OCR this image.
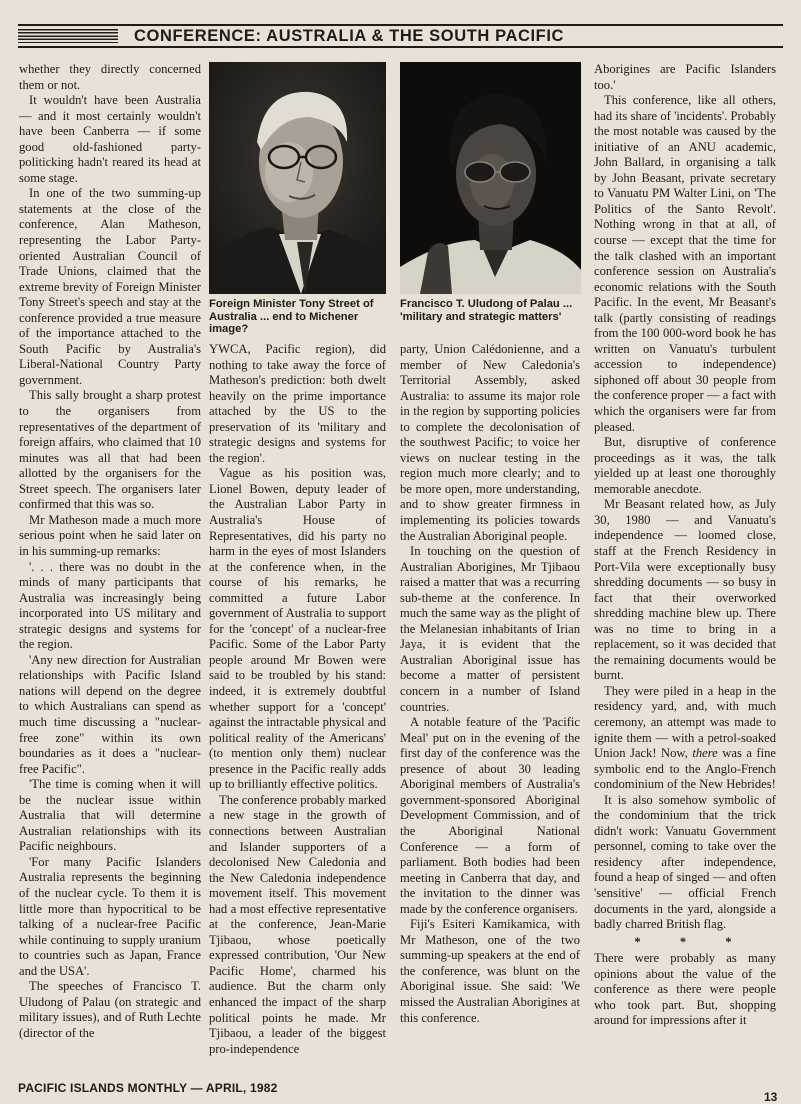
CONFERENCE: AUSTRALIA & THE SOUTH PACIFIC

whether they directly concerned them or not.

It wouldn't have been Australia — and it most certainly wouldn't have been Canberra — if some good old-fashioned party-politicking hadn't reared its head at some stage.

In one of the two summing-up statements at the close of the conference, Alan Matheson, representing the Labor Party-oriented Australian Council of Trade Unions, claimed that the extreme brevity of Foreign Minister Tony Street's speech and stay at the conference provided a true measure of the importance attached to the South Pacific by Australia's Liberal-National Country Party government.

This sally brought a sharp protest to the organisers from representatives of the department of foreign affairs, who claimed that 10 minutes was all that had been allotted by the organisers for the Street speech. The organisers later confirmed that this was so.

Mr Matheson made a much more serious point when he said later on in his summing-up remarks:

'. . . there was no doubt in the minds of many participants that Australia was increasingly being incorporated into US military and strategic designs and systems for the region.

'Any new direction for Australian relationships with Pacific Island nations will depend on the degree to which Australians can spend as much time discussing a "nuclear-free zone" within its own boundaries as it does a "nuclear-free Pacific".

'The time is coming when it will be the nuclear issue within Australia that will determine Australian relationships with its Pacific neighbours.

'For many Pacific Islanders Australia represents the beginning of the nuclear cycle. To them it is little more than hypocritical to be talking of a nuclear-free Pacific while continuing to supply uranium to countries such as Japan, France and the USA'.

The speeches of Francisco T. Uludong of Palau (on strategic and military issues), and of Ruth Lechte (director of the

Foreign Minister Tony Street of Australia ... end to Michener image?
Francisco T. Uludong of Palau ... 'military and strategic matters'

YWCA, Pacific region), did nothing to take away the force of Matheson's prediction: both dwelt heavily on the prime importance attached by the US to the preservation of its 'military and strategic designs and systems for the region'.

Vague as his position was, Lionel Bowen, deputy leader of the Australian Labor Party in Australia's House of Representatives, did his party no harm in the eyes of most Islanders at the conference when, in the course of his remarks, he committed a future Labor government of Australia to support for the 'concept' of a nuclear-free Pacific. Some of the Labor Party people around Mr Bowen were said to be troubled by his stand: indeed, it is extremely doubtful whether support for a 'concept' against the intractable physical and political reality of the Americans' (to mention only them) nuclear presence in the Pacific really adds up to brilliantly effective politics.

The conference probably marked a new stage in the growth of connections between Australian and Islander supporters of a decolonised New Caledonia and the New Caledonia independence movement itself. This movement had a most effective representative at the conference, Jean-Marie Tjibaou, whose poetically expressed contribution, 'Our New Pacific Home', charmed his audience. But the charm only enhanced the impact of the sharp political points he made. Mr Tjibaou, a leader of the biggest pro-independence

party, Union Calédonienne, and a member of New Caledonia's Territorial Assembly, asked Australia: to assume its major role in the region by supporting policies to complete the decolonisation of the southwest Pacific; to voice her views on nuclear testing in the region much more clearly; and to be more open, more understanding, and to show greater firmness in implementing its policies towards the Australian Aboriginal people.

In touching on the question of Australian Aborigines, Mr Tjibaou raised a matter that was a recurring sub-theme at the conference. In much the same way as the plight of the Melanesian inhabitants of Irian Jaya, it is evident that the Australian Aboriginal issue has become a matter of persistent concern in a number of Island countries.

A notable feature of the 'Pacific Meal' put on in the evening of the first day of the conference was the presence of about 30 leading Aboriginal members of Australia's government-sponsored Aboriginal Development Commission, and of the Aboriginal National Conference — a form of parliament. Both bodies had been meeting in Canberra that day, and the invitation to the dinner was made by the conference organisers.

Fiji's Esiteri Kamikamica, with Mr Matheson, one of the two summing-up speakers at the end of the conference, was blunt on the Aboriginal issue. She said: 'We missed the Australian Aborigines at this conference.

Aborigines are Pacific Islanders too.'

This conference, like all others, had its share of 'incidents'. Probably the most notable was caused by the initiative of an ANU academic, John Ballard, in organising a talk by John Beasant, private secretary to Vanuatu PM Walter Lini, on 'The Politics of the Santo Revolt'. Nothing wrong in that at all, of course — except that the time for the talk clashed with an important conference session on Australia's economic relations with the South Pacific. In the event, Mr Beasant's talk (partly consisting of readings from the 100 000-word book he has written on Vanuatu's turbulent accession to independence) siphoned off about 30 people from the conference proper — a fact with which the organisers were far from pleased.

But, disruptive of conference proceedings as it was, the talk yielded up at least one thoroughly memorable anecdote.

Mr Beasant related how, as July 30, 1980 — and Vanuatu's independence — loomed close, staff at the French Residency in Port-Vila were exceptionally busy shredding documents — so busy in fact that their overworked shredding machine blew up. There was no time to bring in a replacement, so it was decided that the remaining documents would be burnt.

They were piled in a heap in the residency yard, and, with much ceremony, an attempt was made to ignite them — with a petrol-soaked Union Jack! Now, there was a fine symbolic end to the Anglo-French condominium of the New Hebrides!

It is also somehow symbolic of the condominium that the trick didn't work: Vanuatu Government personnel, coming to take over the residency after independence, found a heap of singed — and often 'sensitive' — official French documents in the yard, alongside a badly charred British flag.

* * *

There were probably as many opinions about the value of the conference as there were people who took part. But, shopping around for impressions after it

PACIFIC ISLANDS MONTHLY — APRIL, 1982
13
